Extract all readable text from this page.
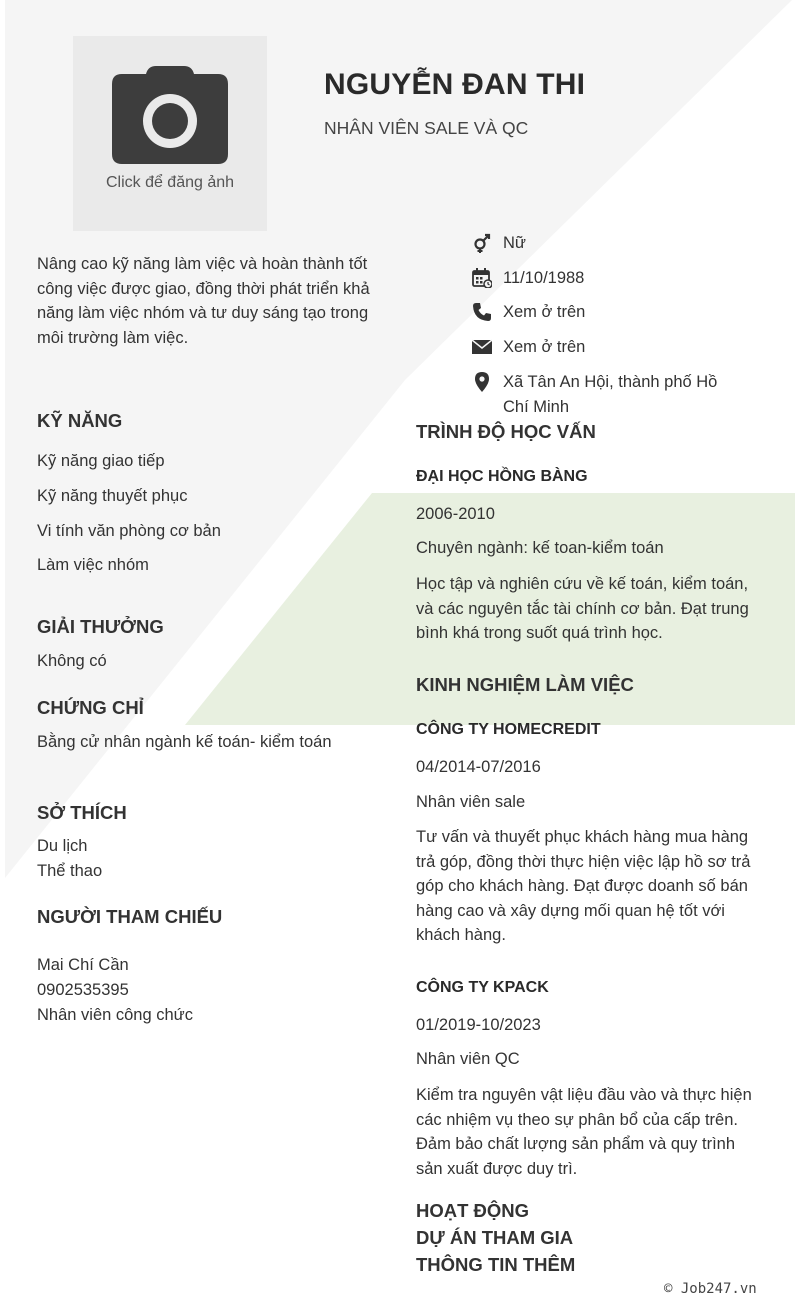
Click để đăng ảnh
NGUYỄN ĐAN THI
NHÂN VIÊN SALE VÀ QC
Nâng cao kỹ năng làm việc và hoàn thành tốt công việc được giao, đồng thời phát triển khả năng làm việc nhóm và tư duy sáng tạo trong môi trường làm việc.
Nữ
11/10/1988
Xem ở trên
Xem ở trên
Xã Tân An Hội, thành phố Hồ Chí Minh
KỸ NĂNG
Kỹ năng giao tiếp
Kỹ năng thuyết phục
Vi tính văn phòng cơ bản
Làm việc nhóm
GIẢI THƯỞNG
Không có
CHỨNG CHỈ
Bằng cử nhân ngành kế toán- kiểm toán
SỞ THÍCH
Du lịch
Thể thao
NGƯỜI THAM CHIẾU
Mai Chí Cần
0902535395
Nhân viên công chức
TRÌNH ĐỘ HỌC VẤN
ĐẠI HỌC HỒNG BÀNG
2006-2010
Chuyên ngành: kế toan-kiểm toán
Học tập và nghiên cứu về kế toán, kiểm toán, và các nguyên tắc tài chính cơ bản. Đạt trung bình khá trong suốt quá trình học.
KINH NGHIỆM LÀM VIỆC
CÔNG TY HOMECREDIT
04/2014-07/2016
Nhân viên sale
Tư vấn và thuyết phục khách hàng mua hàng trả góp, đồng thời thực hiện việc lập hồ sơ trả góp cho khách hàng. Đạt được doanh số bán hàng cao và xây dựng mối quan hệ tốt với khách hàng.
CÔNG TY KPACK
01/2019-10/2023
Nhân viên QC
Kiểm tra nguyên vật liệu đầu vào và thực hiện các nhiệm vụ theo sự phân bổ của cấp trên. Đảm bảo chất lượng sản phẩm và quy trình sản xuất được duy trì.
HOẠT ĐỘNG
DỰ ÁN THAM GIA
THÔNG TIN THÊM
© Job247.vn
